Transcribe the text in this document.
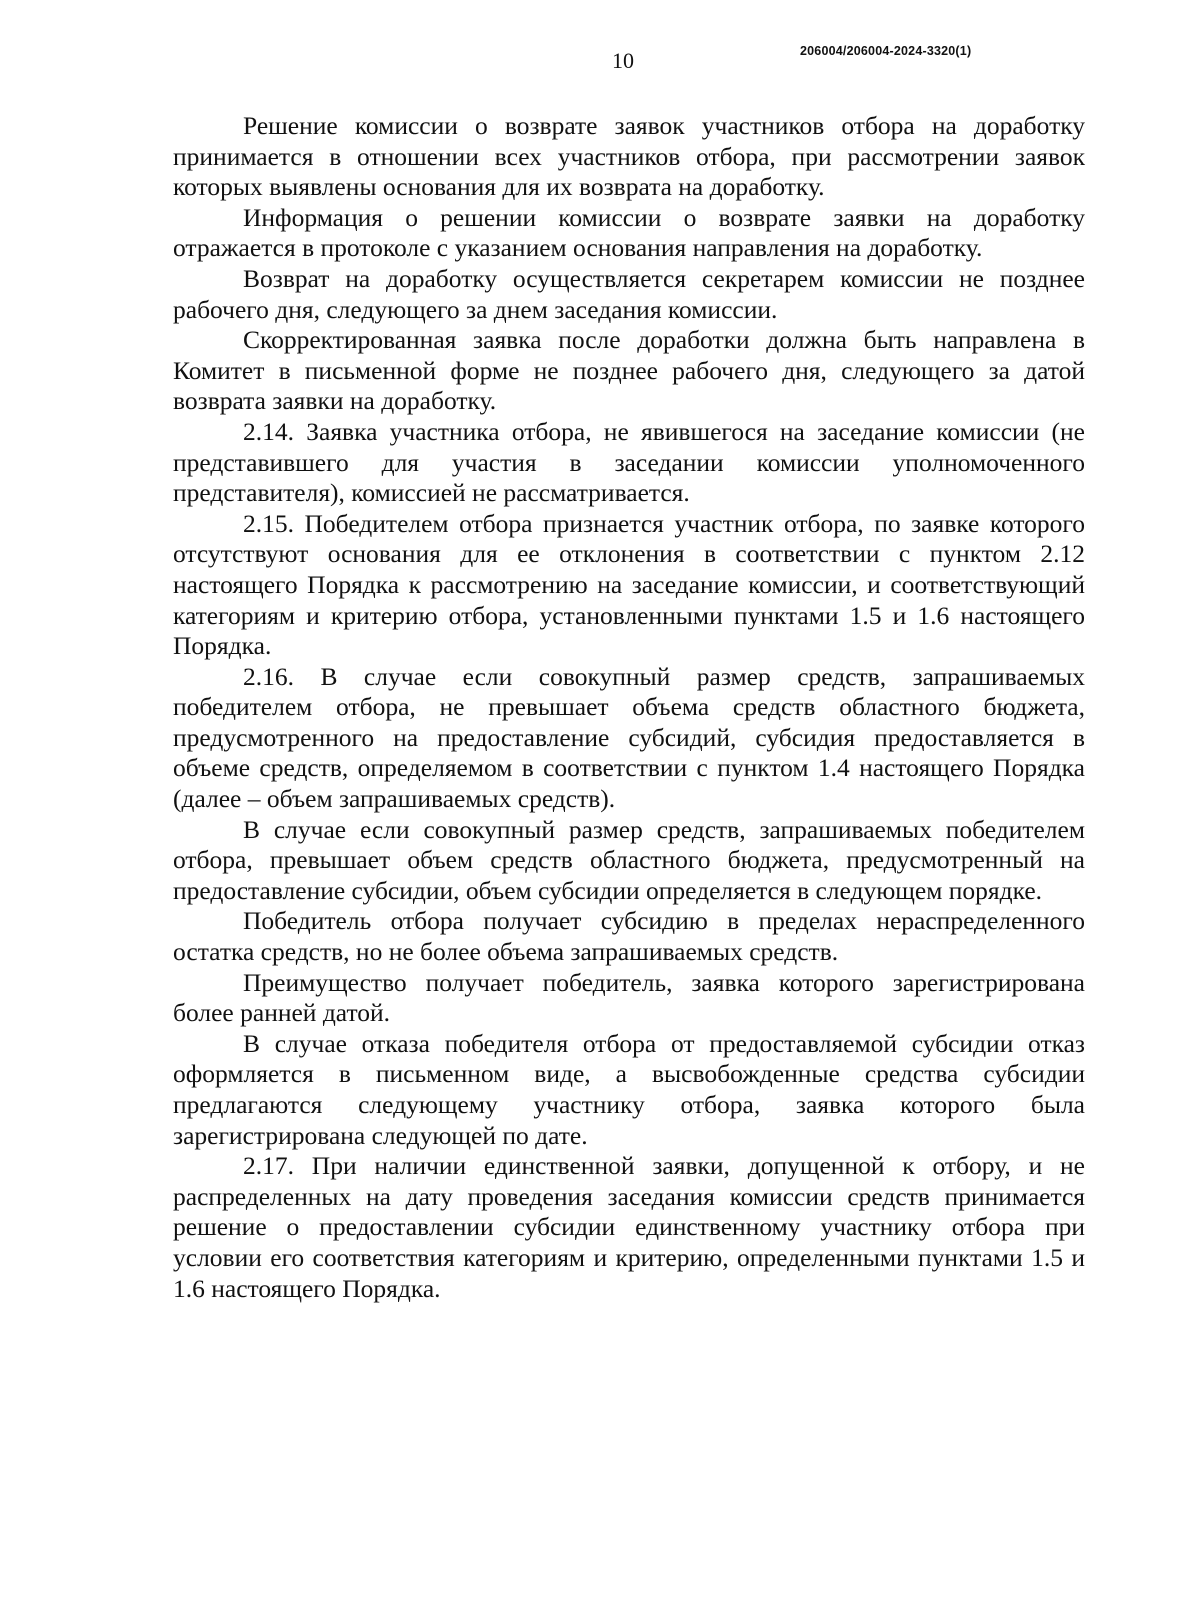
10	206004/206004-2024-3320(1)

Решение комиссии о возврате заявок участников отбора на доработку принимается в отношении всех участников отбора, при рассмотрении заявок которых выявлены основания для их возврата на доработку.

Информация о решении комиссии о возврате заявки на доработку отражается в протоколе с указанием основания направления на доработку.

Возврат на доработку осуществляется секретарем комиссии не позднее рабочего дня, следующего за днем заседания комиссии.

Скорректированная заявка после доработки должна быть направлена в Комитет в письменной форме не позднее рабочего дня, следующего за датой возврата заявки на доработку.

2.14. Заявка участника отбора, не явившегося на заседание комиссии (не представившего для участия в заседании комиссии уполномоченного представителя), комиссией не рассматривается.

2.15. Победителем отбора признается участник отбора, по заявке которого отсутствуют основания для ее отклонения в соответствии с пунктом 2.12 настоящего Порядка к рассмотрению на заседание комиссии, и соответствующий категориям и критерию отбора, установленными пунктами 1.5 и 1.6 настоящего Порядка.

2.16. В случае если совокупный размер средств, запрашиваемых победителем отбора, не превышает объема средств областного бюджета, предусмотренного на предоставление субсидий, субсидия предоставляется в объеме средств, определяемом в соответствии с пунктом 1.4 настоящего Порядка (далее – объем запрашиваемых средств).

В случае если совокупный размер средств, запрашиваемых победителем отбора, превышает объем средств областного бюджета, предусмотренный на предоставление субсидии, объем субсидии определяется в следующем порядке.

Победитель отбора получает субсидию в пределах нераспределенного остатка средств, но не более объема запрашиваемых средств.

Преимущество получает победитель, заявка которого зарегистрирована более ранней датой.

В случае отказа победителя отбора от предоставляемой субсидии отказ оформляется в письменном виде, а высвобожденные средства субсидии предлагаются следующему участнику отбора, заявка которого была зарегистрирована следующей по дате.

2.17. При наличии единственной заявки, допущенной к отбору, и не распределенных на дату проведения заседания комиссии средств принимается решение о предоставлении субсидии единственному участнику отбора при условии его соответствия категориям и критерию, определенными пунктами 1.5 и 1.6 настоящего Порядка.
